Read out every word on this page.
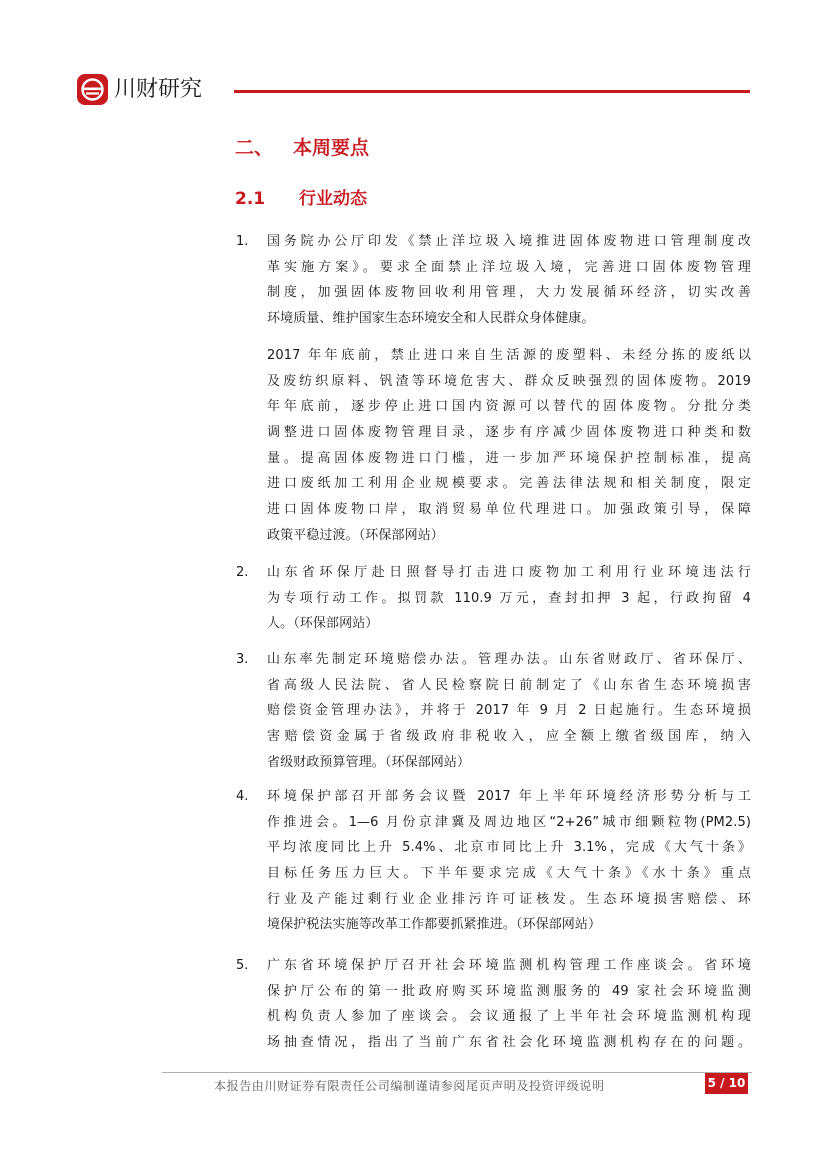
川财研究
二、 本周要点
2.1 行业动态
1. 国务院办公厅印发《禁止洋垃圾入境推进固体废物进口管理制度改
革实施方案》。要求全面禁止洋垃圾入境，完善进口固体废物管理
制度，加强固体废物回收利用管理，大力发展循环经济，切实改善
环境质量、维护国家生态环境安全和人民群众身体健康。
2017 年年底前，禁止进口来自生活源的废塑料、未经分拣的废纸以
及废纺织原料、钒渣等环境危害大、群众反映强烈的固体废物。2019
年年底前，逐步停止进口国内资源可以替代的固体废物。分批分类
调整进口固体废物管理目录，逐步有序减少固体废物进口种类和数
量。提高固体废物进口门槛，进一步加严环境保护控制标准，提高
进口废纸加工利用企业规模要求。完善法律法规和相关制度，限定
进口固体废物口岸，取消贸易单位代理进口。加强政策引导，保障
政策平稳过渡。（环保部网站）
2. 山东省环保厅赴日照督导打击进口废物加工利用行业环境违法行
为专项行动工作。拟罚款 110.9 万元，查封扣押 3 起，行政拘留 4
人。（环保部网站）
3. 山东率先制定环境赔偿办法。管理办法。山东省财政厅、省环保厅、
省高级人民法院、省人民检察院日前制定了《山东省生态环境损害
赔偿资金管理办法》，并将于 2017 年 9 月 2 日起施行。生态环境损
害赔偿资金属于省级政府非税收入，应全额上缴省级国库，纳入
省级财政预算管理。（环保部网站）
4. 环境保护部召开部务会议暨 2017 年上半年环境经济形势分析与工
作推进会。1—6 月份京津冀及周边地区“2+26”城市细颗粒物(PM2.5)
平均浓度同比上升 5.4%、北京市同比上升 3.1%，完成《大气十条》
目标任务压力巨大。下半年要求完成《大气十条》《水十条》重点
行业及产能过剩行业企业排污许可证核发。生态环境损害赔偿、环
境保护税法实施等改革工作都要抓紧推进。（环保部网站）
5. 广东省环境保护厅召开社会环境监测机构管理工作座谈会。省环境
保护厅公布的第一批政府购买环境监测服务的 49 家社会环境监测
机构负责人参加了座谈会。会议通报了上半年社会环境监测机构现
场抽查情况，指出了当前广东省社会化环境监测机构存在的问题。
本报告由川财证券有限责任公司编制谨请参阅尾页声明及投资评级说明	5 / 10
